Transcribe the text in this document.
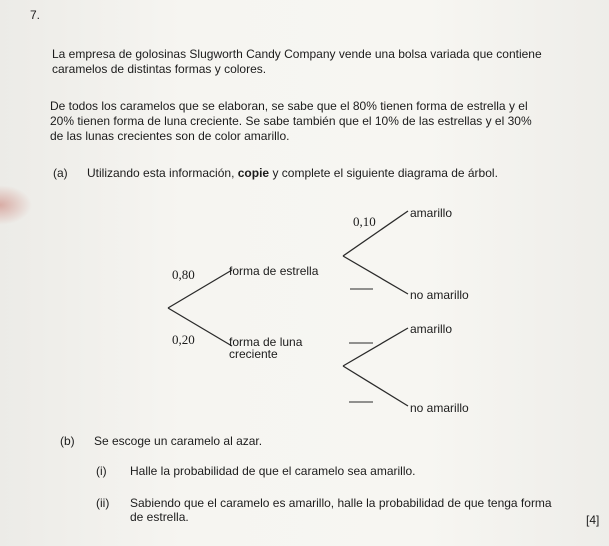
7.
La empresa de golosinas Slugworth Candy Company vende una bolsa variada que contiene
caramelos de distintas formas y colores.
De todos los caramelos que se elaboran, se sabe que el 80% tienen forma de estrella y el
20% tienen forma de luna creciente. Se sabe también que el 10% de las estrellas y el 30%
de las lunas crecientes son de color amarillo.
(a) Utilizando esta información, copie y complete el siguiente diagrama de árbol.
0,80
0,20
forma de estrella
forma de luna
creciente
0,10
amarillo
no amarillo
amarillo
no amarillo
(b) Se escoge un caramelo al azar.
(i) Halle la probabilidad de que el caramelo sea amarillo.
(ii) Sabiendo que el caramelo es amarillo, halle la probabilidad de que tenga forma
de estrella.	[4]
